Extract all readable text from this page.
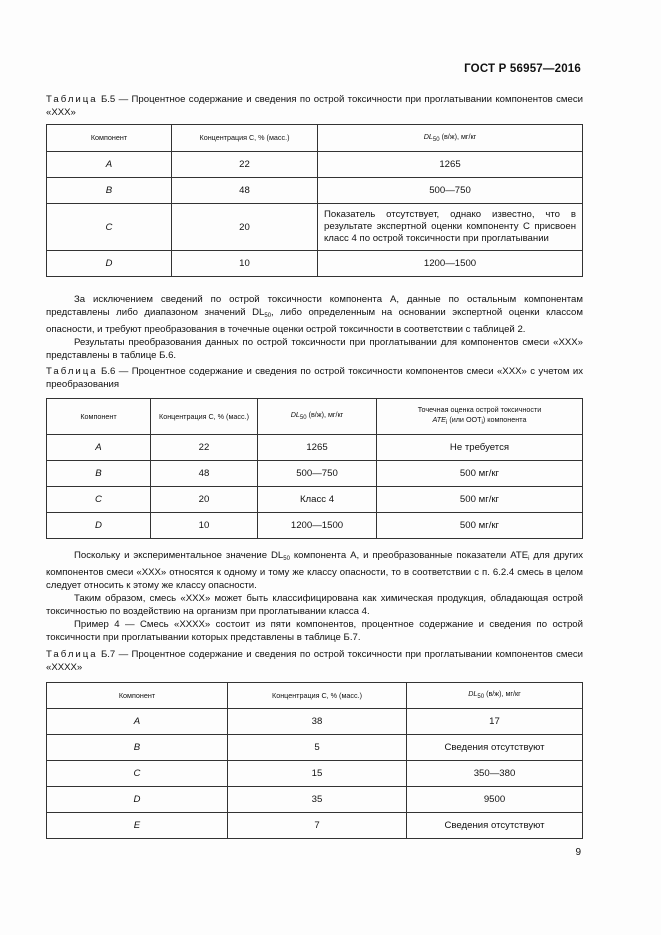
ГОСТ Р 56957—2016
Таблица Б.5 — Процентное содержание и сведения по острой токсичности при проглатывании компонентов смеси «XXX»
Компонент	Концентрация С, % (масс.)	$DL_{50}$ (в/ж), мг/кг
A	22	1265
B	48	500—750
C	20	Показатель отсутствует, однако известно, что в результате экспертной оценки компоненту С присвоен класс 4 по острой токсичности при проглатывании
D	10	1200—1500

За исключением сведений по острой токсичности компонента А, данные по остальным компонентам представлены либо диапазоном значений $DL_{50}$, либо определенным на основании экспертной оценки классом опасности, и требуют преобразования в точечные оценки острой токсичности в соответствии с таблицей 2.

Результаты преобразования данных по острой токсичности при проглатывании для компонентов смеси «XXX» представлены в таблице Б.6.

Таблица Б.6 — Процентное содержание и сведения по острой токсичности компонентов смеси «XXX» с учетом их преобразования
Компонент	Концентрация С, % (масс.)	$DL_{50}$ (в/ж), мг/кг	Точечная оценка острой токсичности
$ATE_i$ (или $ООТ_i$) компонента
A	22	1265	Не требуется
B	48	500—750	500 мг/кг
C	20	Класс 4	500 мг/кг
D	10	1200—1500	500 мг/кг

Поскольку и экспериментальное значение $DL_{50}$ компонента А, и преобразованные показатели $ATE_i$ для других компонентов смеси «XXX» относятся к одному и тому же классу опасности, то в соответствии с п. 6.2.4 смесь в целом следует относить к этому же классу опасности.

Таким образом, смесь «XXX» может быть классифицирована как химическая продукция, обладающая острой токсичностью по воздействию на организм при проглатывании класса 4.

Пример 4 — Смесь «XXXX» состоит из пяти компонентов, процентное содержание и сведения по острой токсичности при проглатывании которых представлены в таблице Б.7.

Таблица Б.7 — Процентное содержание и сведения по острой токсичности при проглатывании компонентов смеси «XXXX»
Компонент	Концентрация С, % (масс.)	$DL_{50}$ (в/ж), мг/кг
A	38	17
B	5	Сведения отсутствуют
C	15	350—380
D	35	9500
E	7	Сведения отсутствуют
9
